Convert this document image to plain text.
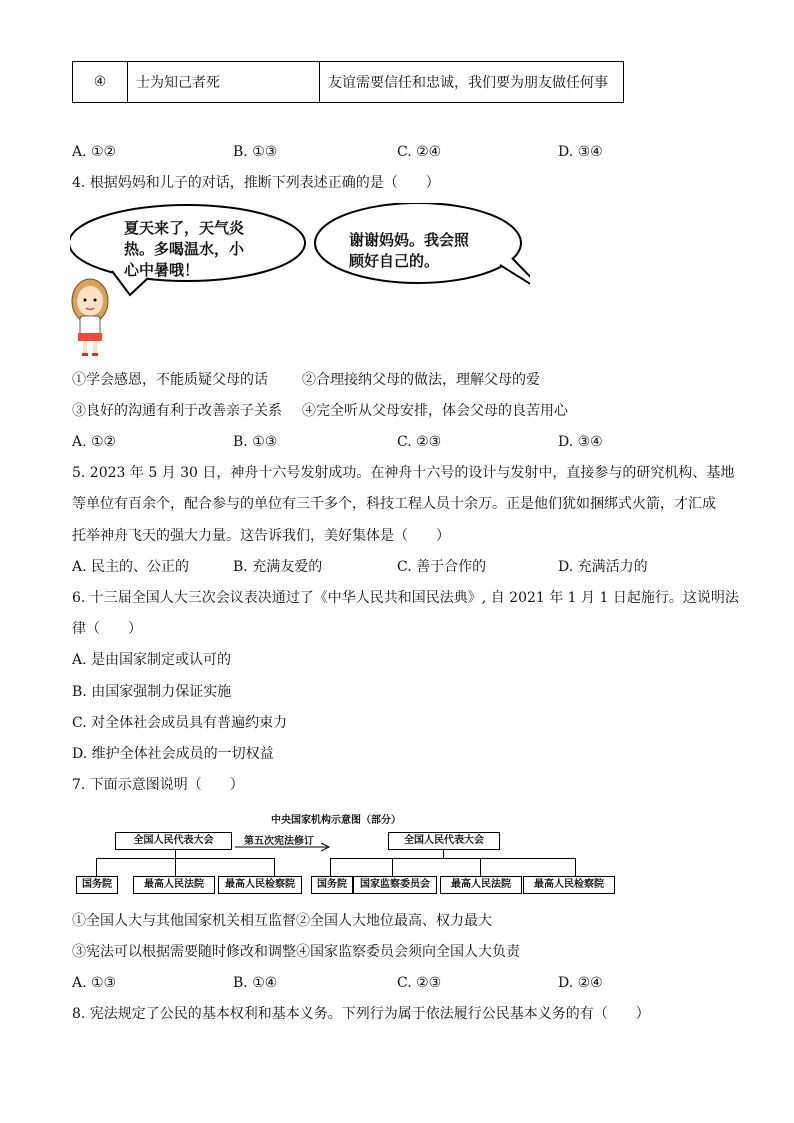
④	士为知己者死	友谊需要信任和忠诚，我们要为朋友做任何事
A. ①②	B. ①③	C. ②④	D. ③④
4. 根据妈妈和儿子的对话，推断下列表述正确的是（　　）
夏天来了，天气炎
热。多喝温水，小
心中暑哦！
谢谢妈妈。我会照
顾好自己的。
①学会感恩，不能质疑父母的话 ②合理接纳父母的做法，理解父母的爱
③良好的沟通有利于改善亲子关系 ④完全听从父母安排，体会父母的良苦用心
A. ①②	B. ①③	C. ②③	D. ③④
5. 2023 年 5 月 30 日，神舟十六号发射成功。在神舟十六号的设计与发射中，直接参与的研究机构、基地
等单位有百余个，配合参与的单位有三千多个，科技工程人员十余万。正是他们犹如捆绑式火箭，才汇成
托举神舟飞天的强大力量。这告诉我们，美好集体是（　　）
A. 民主的、公正的	B. 充满友爱的	C. 善于合作的	D. 充满活力的
6. 十三届全国人大三次会议表决通过了《中华人民共和国民法典》, 自 2021 年 1 月 1 日起施行。这说明法
律（　　）
A. 是由国家制定或认可的
B. 由国家强制力保证实施
C. 对全体社会成员具有普遍约束力
D. 维护全体社会成员的一切权益
7. 下面示意图说明（　　）
中央国家机构示意图（部分）
全国人民代表大会
国务院	最高人民法院	最高人民检察院
第五次宪法修订	全国人民代表大会
国务院	国家监察委员会	最高人民法院	最高人民检察院
①全国人大与其他国家机关相互监督②全国人大地位最高、权力最大
③宪法可以根据需要随时修改和调整④国家监察委员会须向全国人大负责
A. ①③	B. ①④	C. ②③	D. ②④
8. 宪法规定了公民的基本权利和基本义务。下列行为属于依法履行公民基本义务的有（　　）
